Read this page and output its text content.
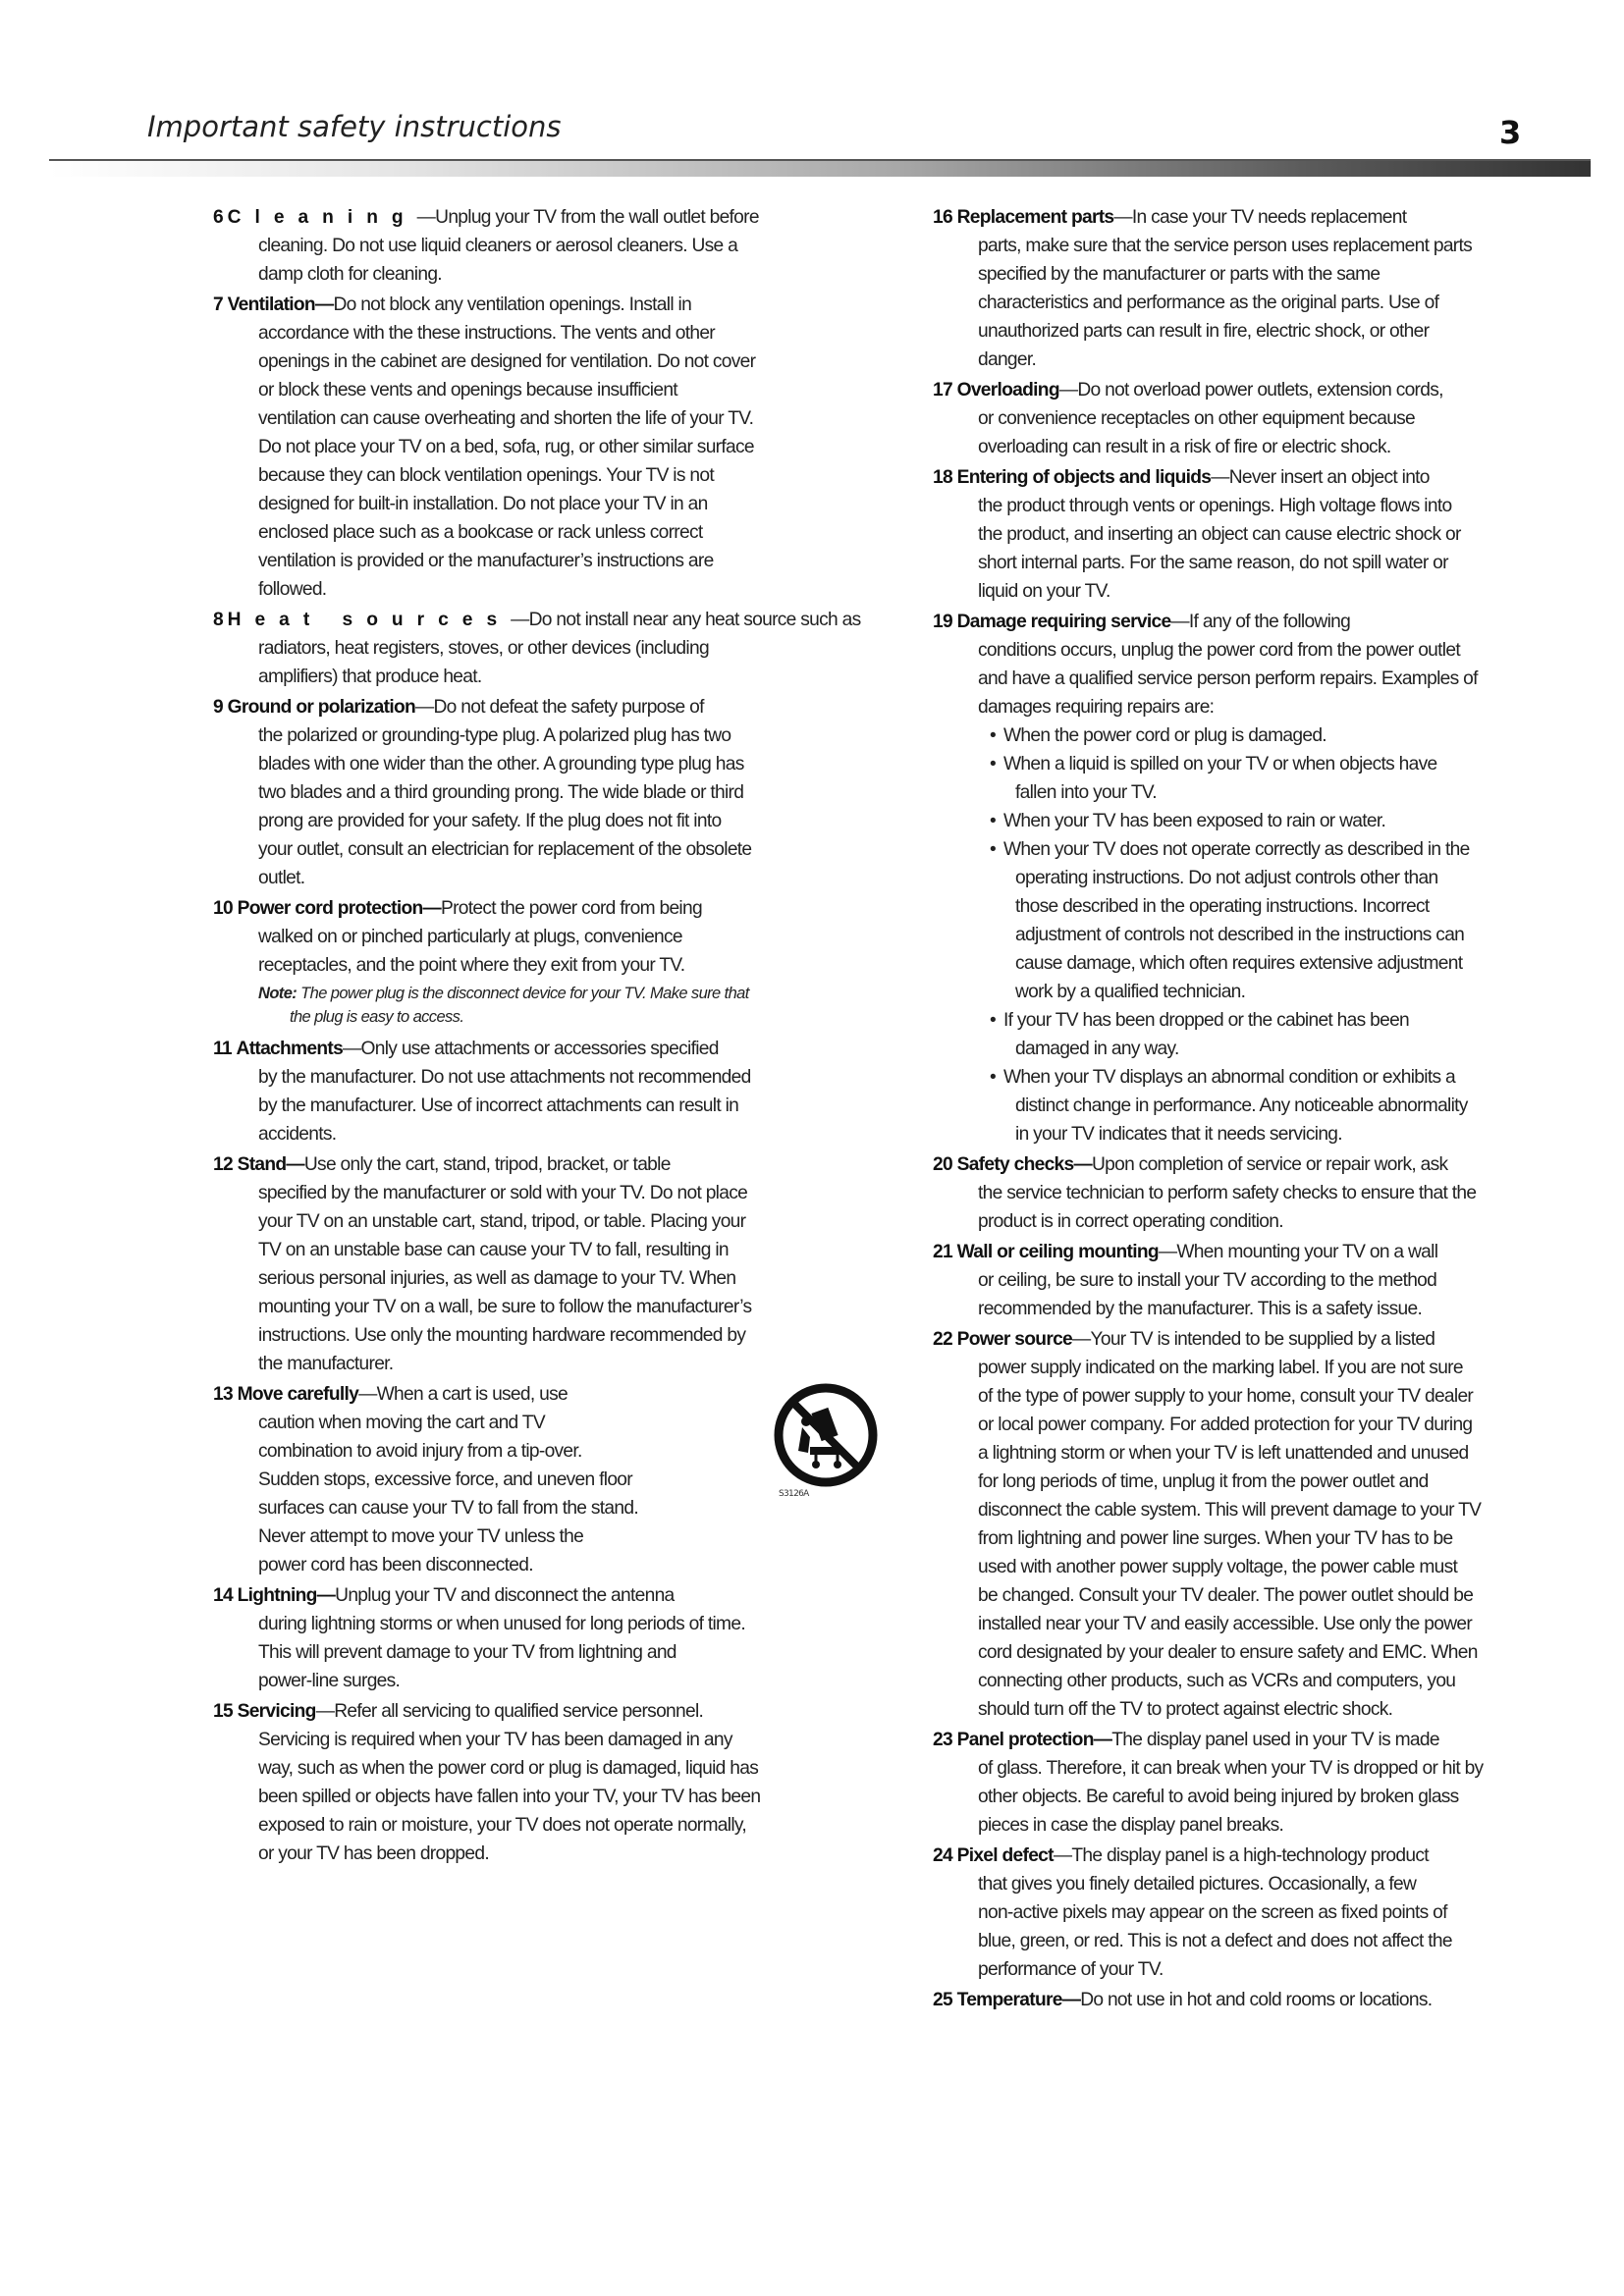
Important safety instructions	3
6 Cleaning—Unplug your TV from the wall outlet before
cleaning. Do not use liquid cleaners or aerosol cleaners. Use a
damp cloth for cleaning.
7 Ventilation—Do not block any ventilation openings. Install in
accordance with the these instructions. The vents and other
openings in the cabinet are designed for ventilation. Do not cover
or block these vents and openings because insufficient
ventilation can cause overheating and shorten the life of your TV.
Do not place your TV on a bed, sofa, rug, or other similar surface
because they can block ventilation openings. Your TV is not
designed for built-in installation. Do not place your TV in an
enclosed place such as a bookcase or rack unless correct
ventilation is provided or the manufacturer’s instructions are
followed.
8 Heat sources—Do not install near any heat source such as
radiators, heat registers, stoves, or other devices (including
amplifiers) that produce heat.
9 Ground or polarization—Do not defeat the safety purpose of
the polarized or grounding-type plug. A polarized plug has two
blades with one wider than the other. A grounding type plug has
two blades and a third grounding prong. The wide blade or third
prong are provided for your safety. If the plug does not fit into
your outlet, consult an electrician for replacement of the obsolete
outlet.
10 Power cord protection—Protect the power cord from being
walked on or pinched particularly at plugs, convenience
receptacles, and the point where they exit from your TV.
Note: The power plug is the disconnect device for your TV. Make sure that
the plug is easy to access.
11 Attachments—Only use attachments or accessories specified
by the manufacturer. Do not use attachments not recommended
by the manufacturer. Use of incorrect attachments can result in
accidents.
12 Stand—Use only the cart, stand, tripod, bracket, or table
specified by the manufacturer or sold with your TV. Do not place
your TV on an unstable cart, stand, tripod, or table. Placing your
TV on an unstable base can cause your TV to fall, resulting in
serious personal injuries, as well as damage to your TV. When
mounting your TV on a wall, be sure to follow the manufacturer’s
instructions. Use only the mounting hardware recommended by
the manufacturer.
13 Move carefully—When a cart is used, use
caution when moving the cart and TV
combination to avoid injury from a tip-over.
Sudden stops, excessive force, and uneven floor
surfaces can cause your TV to fall from the stand.
Never attempt to move your TV unless the
power cord has been disconnected.
S3126A
14 Lightning—Unplug your TV and disconnect the antenna
during lightning storms or when unused for long periods of time.
This will prevent damage to your TV from lightning and
power-line surges.
15 Servicing—Refer all servicing to qualified service personnel.
Servicing is required when your TV has been damaged in any
way, such as when the power cord or plug is damaged, liquid has
been spilled or objects have fallen into your TV, your TV has been
exposed to rain or moisture, your TV does not operate normally,
or your TV has been dropped.
16 Replacement parts—In case your TV needs replacement
parts, make sure that the service person uses replacement parts
specified by the manufacturer or parts with the same
characteristics and performance as the original parts. Use of
unauthorized parts can result in fire, electric shock, or other
danger.
17 Overloading—Do not overload power outlets, extension cords,
or convenience receptacles on other equipment because
overloading can result in a risk of fire or electric shock.
18 Entering of objects and liquids—Never insert an object into
the product through vents or openings. High voltage flows into
the product, and inserting an object can cause electric shock or
short internal parts. For the same reason, do not spill water or
liquid on your TV.
19 Damage requiring service—If any of the following
conditions occurs, unplug the power cord from the power outlet
and have a qualified service person perform repairs. Examples of
damages requiring repairs are:
• When the power cord or plug is damaged.
• When a liquid is spilled on your TV or when objects have
fallen into your TV.
• When your TV has been exposed to rain or water.
• When your TV does not operate correctly as described in the
operating instructions. Do not adjust controls other than
those described in the operating instructions. Incorrect
adjustment of controls not described in the instructions can
cause damage, which often requires extensive adjustment
work by a qualified technician.
• If your TV has been dropped or the cabinet has been
damaged in any way.
• When your TV displays an abnormal condition or exhibits a
distinct change in performance. Any noticeable abnormality
in your TV indicates that it needs servicing.
20 Safety checks—Upon completion of service or repair work, ask
the service technician to perform safety checks to ensure that the
product is in correct operating condition.
21 Wall or ceiling mounting—When mounting your TV on a wall
or ceiling, be sure to install your TV according to the method
recommended by the manufacturer. This is a safety issue.
22 Power source—Your TV is intended to be supplied by a listed
power supply indicated on the marking label. If you are not sure
of the type of power supply to your home, consult your TV dealer
or local power company. For added protection for your TV during
a lightning storm or when your TV is left unattended and unused
for long periods of time, unplug it from the power outlet and
disconnect the cable system. This will prevent damage to your TV
from lightning and power line surges. When your TV has to be
used with another power supply voltage, the power cable must
be changed. Consult your TV dealer. The power outlet should be
installed near your TV and easily accessible. Use only the power
cord designated by your dealer to ensure safety and EMC. When
connecting other products, such as VCRs and computers, you
should turn off the TV to protect against electric shock.
23 Panel protection—The display panel used in your TV is made
of glass. Therefore, it can break when your TV is dropped or hit by
other objects. Be careful to avoid being injured by broken glass
pieces in case the display panel breaks.
24 Pixel defect—The display panel is a high-technology product
that gives you finely detailed pictures. Occasionally, a few
non-active pixels may appear on the screen as fixed points of
blue, green, or red. This is not a defect and does not affect the
performance of your TV.
25 Temperature—Do not use in hot and cold rooms or locations.
